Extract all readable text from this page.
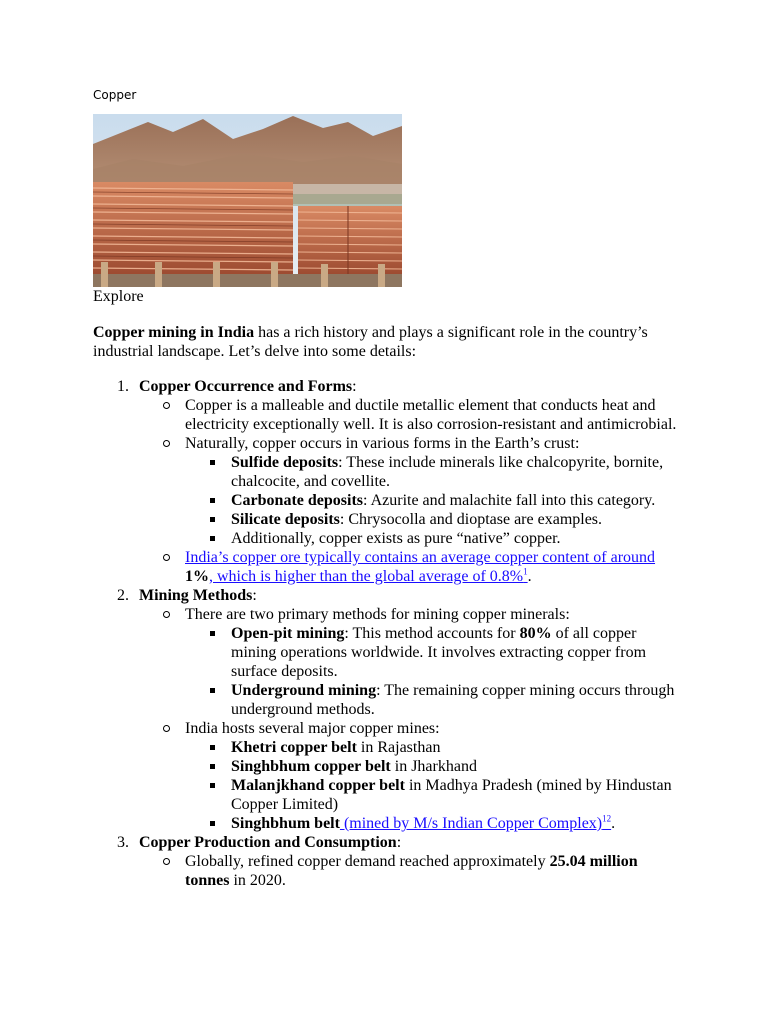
Copper
Explore

Copper mining in India has a rich history and plays a significant role in the country’s industrial landscape. Let’s delve into some details:

1. Copper Occurrence and Forms:
Copper is a malleable and ductile metallic element that conducts heat and electricity exceptionally well. It is also corrosion-resistant and antimicrobial.
Naturally, copper occurs in various forms in the Earth’s crust:
Sulfide deposits: These include minerals like chalcopyrite, bornite, chalcocite, and covellite.
Carbonate deposits: Azurite and malachite fall into this category.
Silicate deposits: Chrysocolla and dioptase are examples.
Additionally, copper exists as pure “native” copper.
India’s copper ore typically contains an average copper content of around 1%, which is higher than the global average of 0.8%$^1$.
2. Mining Methods:
There are two primary methods for mining copper minerals:
Open-pit mining: This method accounts for 80% of all copper mining operations worldwide. It involves extracting copper from surface deposits.
Underground mining: The remaining copper mining occurs through underground methods.
India hosts several major copper mines:
Khetri copper belt in Rajasthan
Singhbhum copper belt in Jharkhand
Malanjkhand copper belt in Madhya Pradesh (mined by Hindustan Copper Limited)
Singhbhum belt (mined by M/s Indian Copper Complex)$^{12}$.
3. Copper Production and Consumption:
Globally, refined copper demand reached approximately 25.04 million tonnes in 2020.
